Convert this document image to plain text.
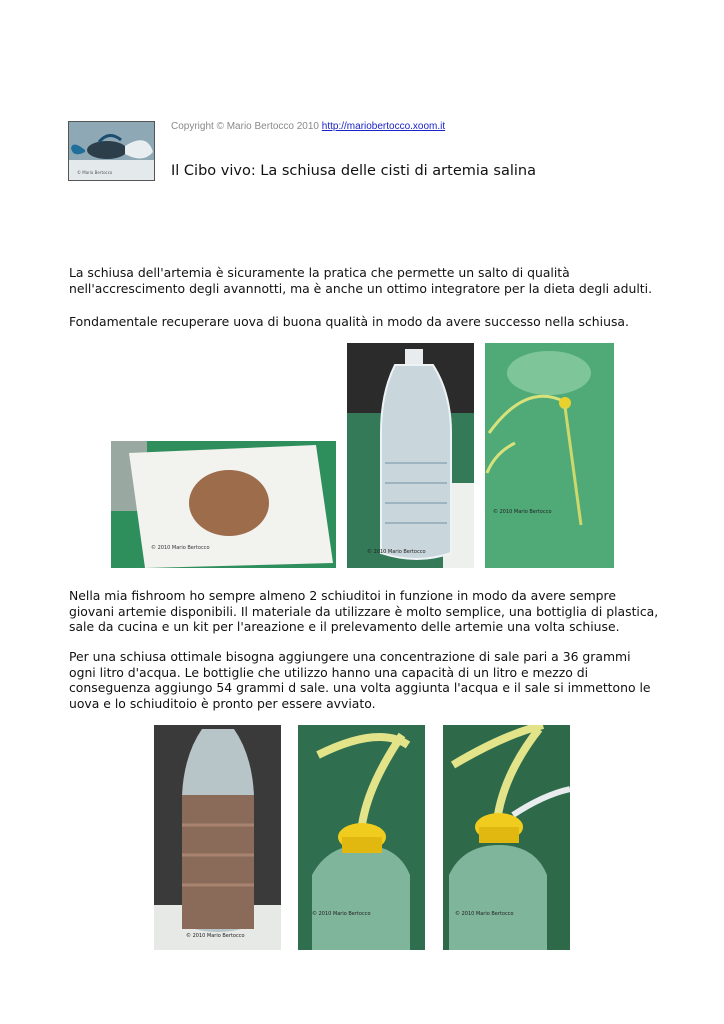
© Mario Bertocco
Copyright © Mario Bertocco 2010 http://mariobertocco.xoom.it
Il Cibo vivo: La schiusa delle cisti di artemia salina

La schiusa dell'artemia è sicuramente la pratica che permette un salto di qualità nell'accrescimento degli avannotti, ma è anche un ottimo integratore per la dieta degli adulti.

Fondamentale recuperare uova di buona qualità in modo da avere successo nella schiusa.

© 2010 Mario Bertocco
© 2010 Mario Bertocco
© 2010 Mario Bertocco

Nella mia fishroom ho sempre almeno 2 schiuditoi in funzione in modo da avere sempre giovani artemie disponibili. Il materiale da utilizzare è molto semplice, una bottiglia di plastica, sale da cucina e un kit per l'areazione e il prelevamento delle artemie una volta schiuse.

Per una schiusa ottimale bisogna aggiungere una concentrazione di sale pari a 36 grammi ogni litro d'acqua. Le bottiglie che utilizzo hanno una capacità di un litro e mezzo di conseguenza aggiungo 54 grammi d sale. una volta aggiunta l'acqua e il sale si immettono le uova e lo schiuditoio è pronto per essere avviato.

© 2010 Mario Bertocco
© 2010 Mario Bertocco	© 2010 Mario Bertocco
